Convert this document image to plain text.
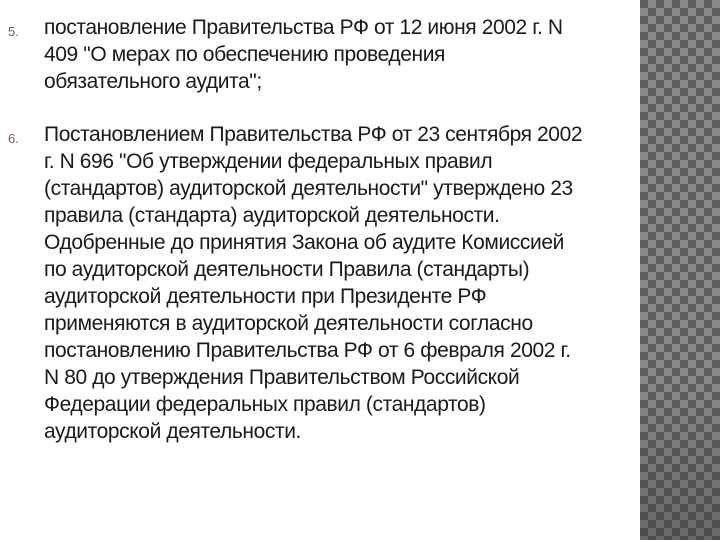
5. постановление Правительства РФ от 12 июня 2002 г. N
409 "О мерах по обеспечению проведения
обязательного аудита";
6. Постановлением Правительства РФ от 23 сентября 2002
г. N 696 "Об утверждении федеральных правил
(стандартов) аудиторской деятельности" утверждено 23
правила (стандарта) аудиторской деятельности.
Одобренные до принятия Закона об аудите Комиссией
по аудиторской деятельности Правила (стандарты)
аудиторской деятельности при Президенте РФ
применяются в аудиторской деятельности согласно
постановлению Правительства РФ от 6 февраля 2002 г.
N 80 до утверждения Правительством Российской
Федерации федеральных правил (стандартов)
аудиторской деятельности.
